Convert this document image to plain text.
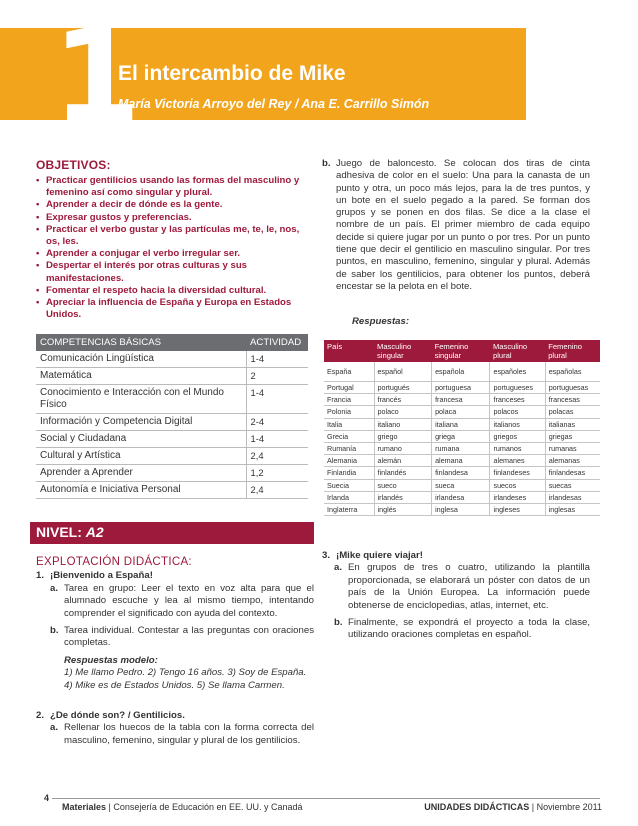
1
El intercambio de Mike
María Victoria Arroyo del Rey / Ana E. Carrillo Simón
OBJETIVOS:
• Practicar gentilicios usando las formas del masculino y femenino así como singular y plural.
• Aprender a decir de dónde es la gente.
• Expresar gustos y preferencias.
• Practicar el verbo gustar y las partículas me, te, le, nos, os, les.
• Aprender a conjugar el verbo irregular ser.
• Despertar el interés por otras culturas y sus manifestaciones.
• Fomentar el respeto hacia la diversidad cultural.
• Apreciar la influencia de España y Europa en Estados Unidos.
COMPETENCIAS BÁSICAS	ACTIVIDAD
Comunicación Lingüística	1-4
Matemática	2
Conocimiento e Interacción con el Mundo Físico	1-4
Información y Competencia Digital	2-4
Social y Ciudadana	1-4
Cultural y Artística	2,4
Aprender a Aprender	1,2
Autonomía e Iniciativa Personal	2,4
NIVEL: A2
EXPLOTACIÓN DIDÁCTICA:
1. ¡Bienvenido a España!
a. Tarea en grupo: Leer el texto en voz alta para que el alumnado escuche y lea al mismo tiempo, intentando comprender el significado con ayuda del contexto.
b. Tarea individual. Contestar a las preguntas con oraciones completas.
Respuestas modelo:
1) Me llamo Pedro. 2) Tengo 16 años. 3) Soy de España.
4) Mike es de Estados Unidos. 5) Se llama Carmen.
2. ¿De dónde son? / Gentilicios.
a. Rellenar los huecos de la tabla con la forma correcta del masculino, femenino, singular y plural de los gentilicios.
b. Juego de baloncesto. Se colocan dos tiras de cinta adhesiva de color en el suelo: Una para la canasta de un punto y otra, un poco más lejos, para la de tres puntos, y un bote en el suelo pegado a la pared. Se forman dos grupos y se ponen en dos filas. Se dice a la clase el nombre de un país. El primer miembro de cada equipo decide si quiere jugar por un punto o por tres. Por un punto tiene que decir el gentilicio en masculino singular. Por tres puntos, en masculino, femenino, singular y plural. Además de saber los gentilicios, para obtener los puntos, deberá encestar se la pelota en el bote.
Respuestas:
País	Masculino singular	Femenino singular	Masculino plural	Femenino plural
España	español	española	españoles	españolas
Portugal	portugués	portuguesa	portugueses	portuguesas
Francia	francés	francesa	franceses	francesas
Polonia	polaco	polaca	polacos	polacas
Italia	italiano	italiana	italianos	italianas
Grecia	griego	griega	griegos	griegas
Rumanía	rumano	rumana	rumanos	rumanas
Alemania	alemán	alemana	alemanes	alemanas
Finlandia	finlandés	finlandesa	finlandeses	finlandesas
Suecia	sueco	sueca	suecos	suecas
Irlanda	irlandés	irlandesa	irlandeses	irlandesas
Inglaterra	inglés	inglesa	ingleses	inglesas
3. ¡Mike quiere viajar!
a. En grupos de tres o cuatro, utilizando la plantilla proporcionada, se elaborará un póster con datos de un país de la Unión Europea. La información puede obtenerse de enciclopedias, atlas, internet, etc.
b. Finalmente, se expondrá el proyecto a toda la clase, utilizando oraciones completas en español.
4
Materiales | Consejería de Educación en EE. UU. y Canadá	UNIDADES DIDÁCTICAS | Noviembre 2011
